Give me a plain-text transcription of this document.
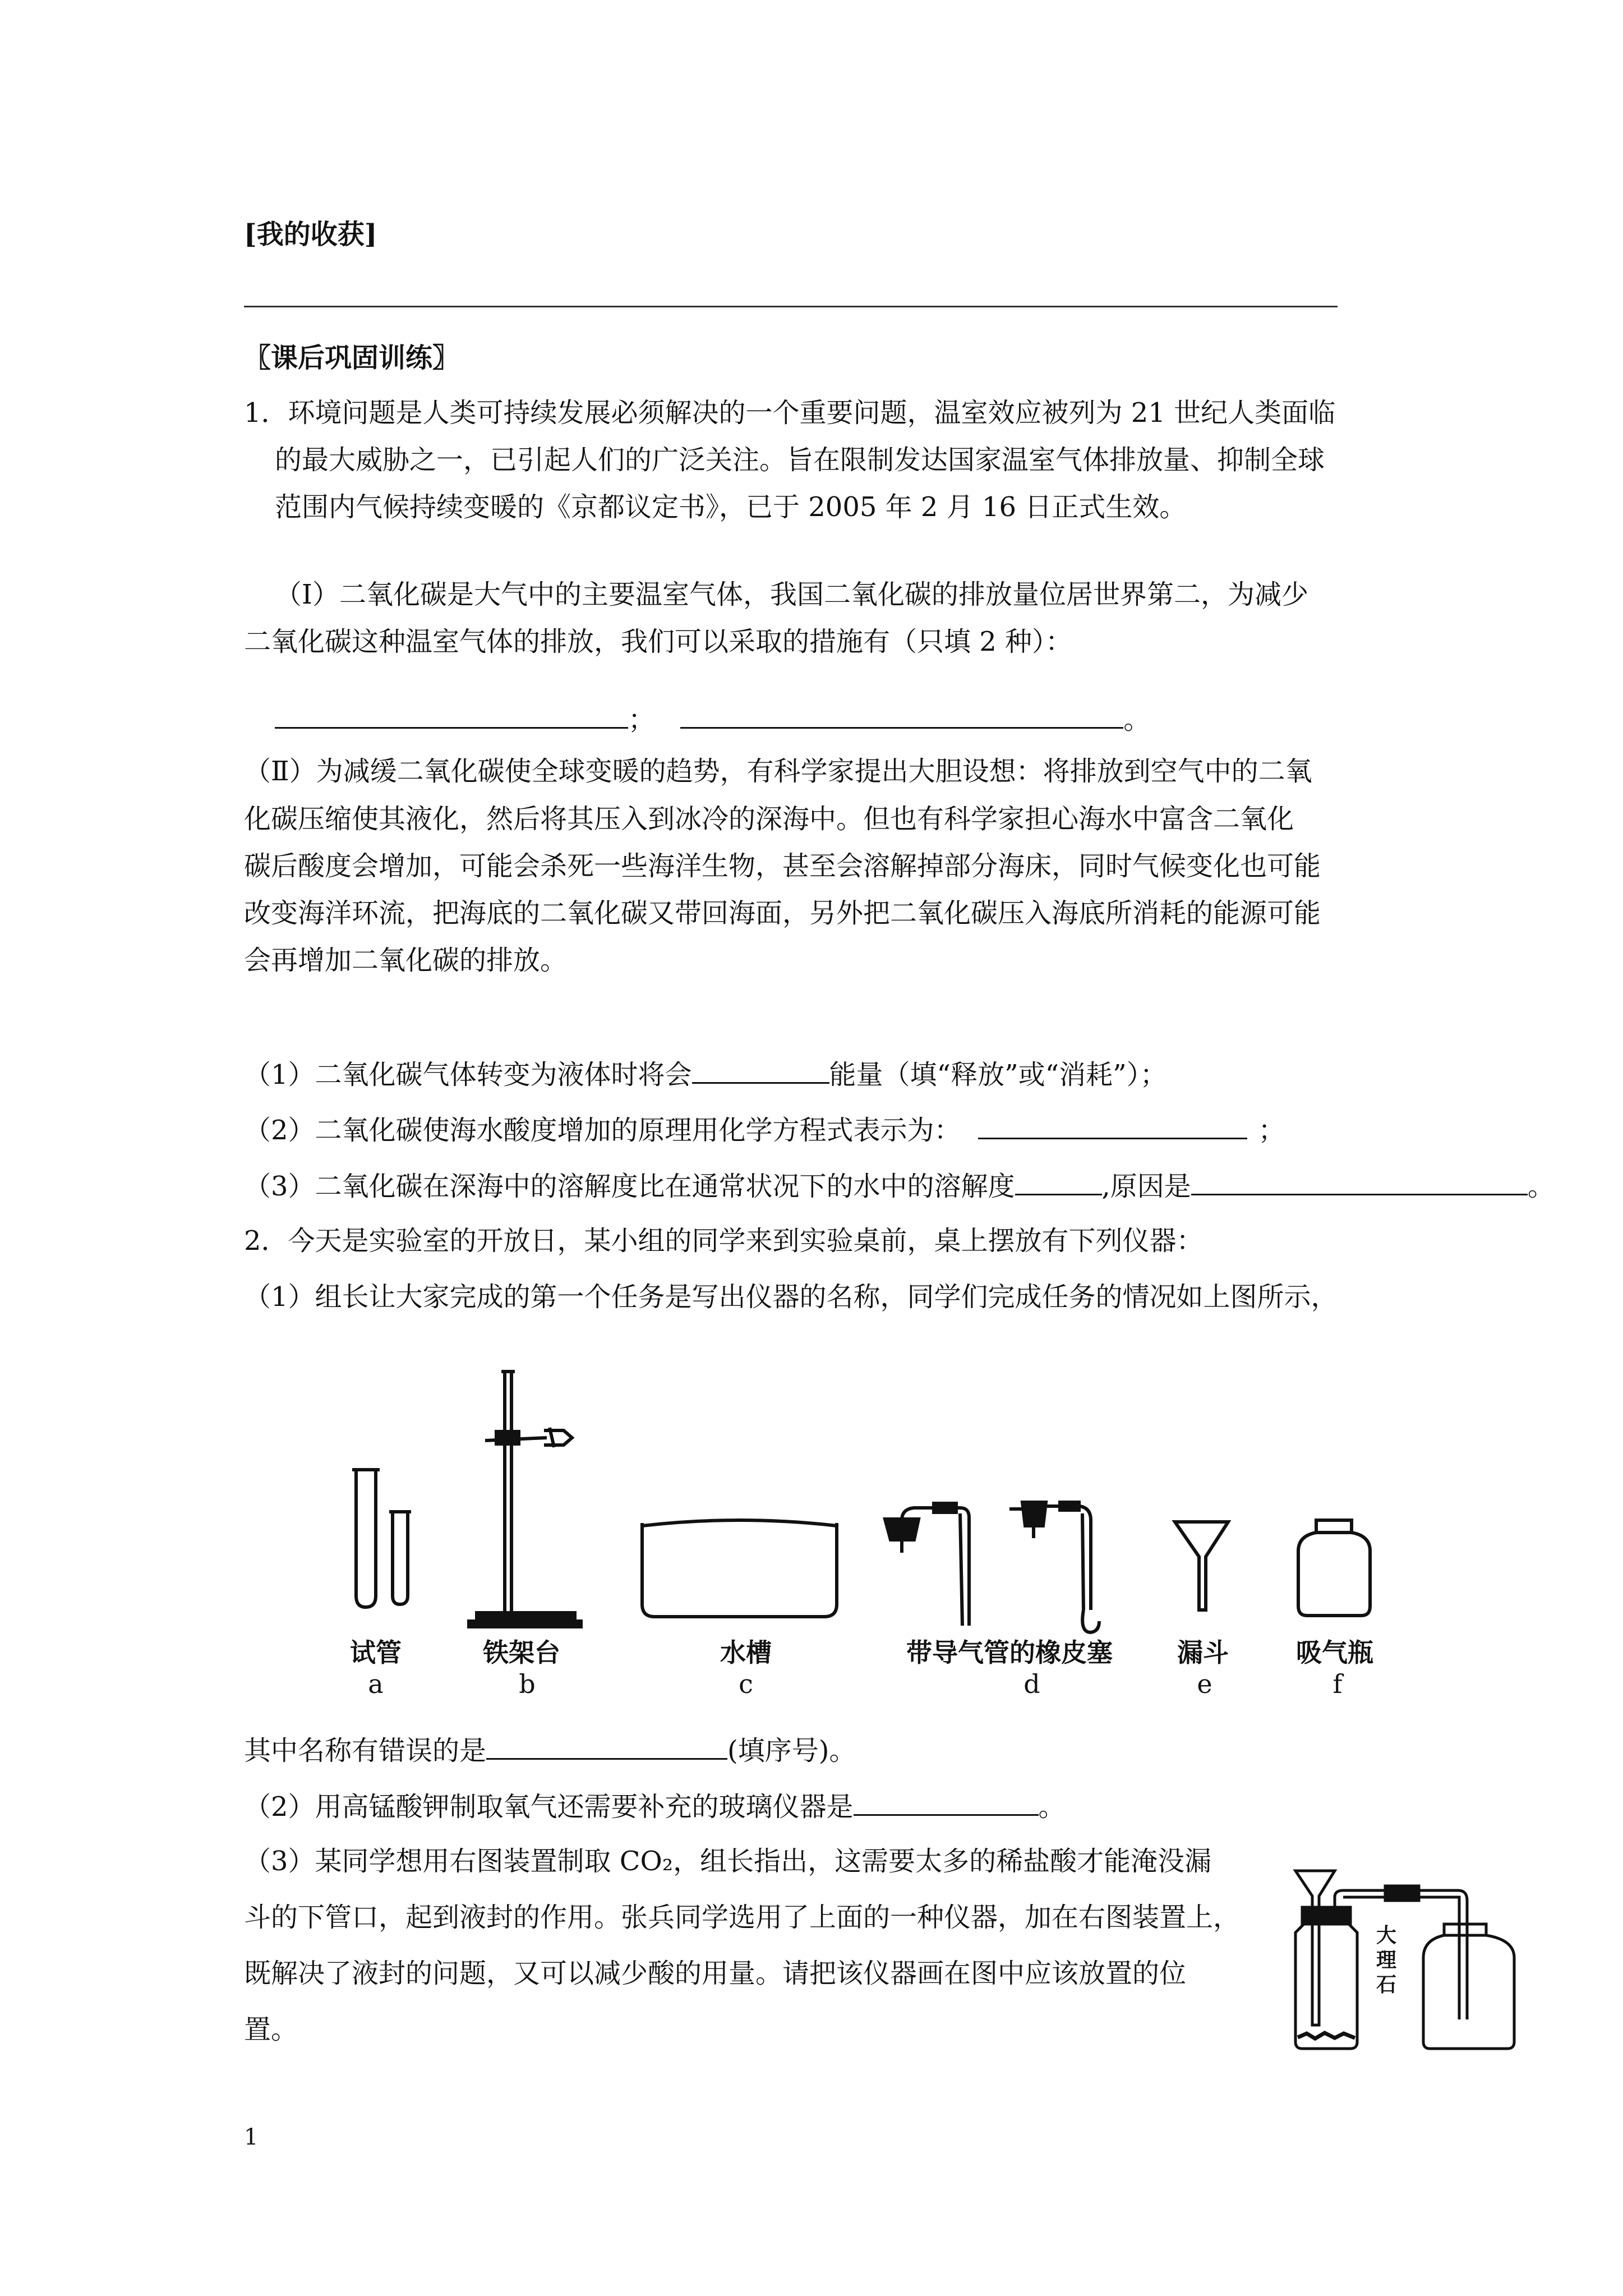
[我的收获]
〖课后巩固训练〗
1．环境问题是人类可持续发展必须解决的一个重要问题，温室效应被列为 21 世纪人类面临
的最大威胁之一，已引起人们的广泛关注。旨在限制发达国家温室气体排放量、抑制全球
范围内气候持续变暖的《京都议定书》，已于 2005 年 2 月 16 日正式生效。
（Ⅰ）二氧化碳是大气中的主要温室气体，我国二氧化碳的排放量位居世界第二，为减少
二氧化碳这种温室气体的排放，我们可以采取的措施有（只填 2 种）：
；	。
（Ⅱ）为减缓二氧化碳使全球变暖的趋势，有科学家提出大胆设想：将排放到空气中的二氧
化碳压缩使其液化，然后将其压入到冰冷的深海中。但也有科学家担心海水中富含二氧化
碳后酸度会增加，可能会杀死一些海洋生物，甚至会溶解掉部分海床，同时气候变化也可能
改变海洋环流，把海底的二氧化碳又带回海面，另外把二氧化碳压入海底所消耗的能源可能
会再增加二氧化碳的排放。
（1）二氧化碳气体转变为液体时将会	能量（填“释放”或“消耗”）；
（2）二氧化碳使海水酸度增加的原理用化学方程式表示为：	；
（3）二氧化碳在深海中的溶解度比在通常状况下的水中的溶解度	,原因是	。
2．今天是实验室的开放日，某小组的同学来到实验桌前，桌上摆放有下列仪器：
（1）组长让大家完成的第一个任务是写出仪器的名称，同学们完成任务的情况如上图所示，
试管	铁架台	水槽	带导气管的橡皮塞	漏斗	吸气瓶
a	b	c	d	e	f
其中名称有错误的是	(填序号)。
（2）用高锰酸钾制取氧气还需要补充的玻璃仪器是	。
（3）某同学想用右图装置制取 CO₂，组长指出，这需要太多的稀盐酸才能淹没漏
斗的下管口，起到液封的作用。张兵同学选用了上面的一种仪器，加在右图装置上，
既解决了液封的问题，又可以减少酸的用量。请把该仪器画在图中应该放置的位
置。
大
理
石
1
